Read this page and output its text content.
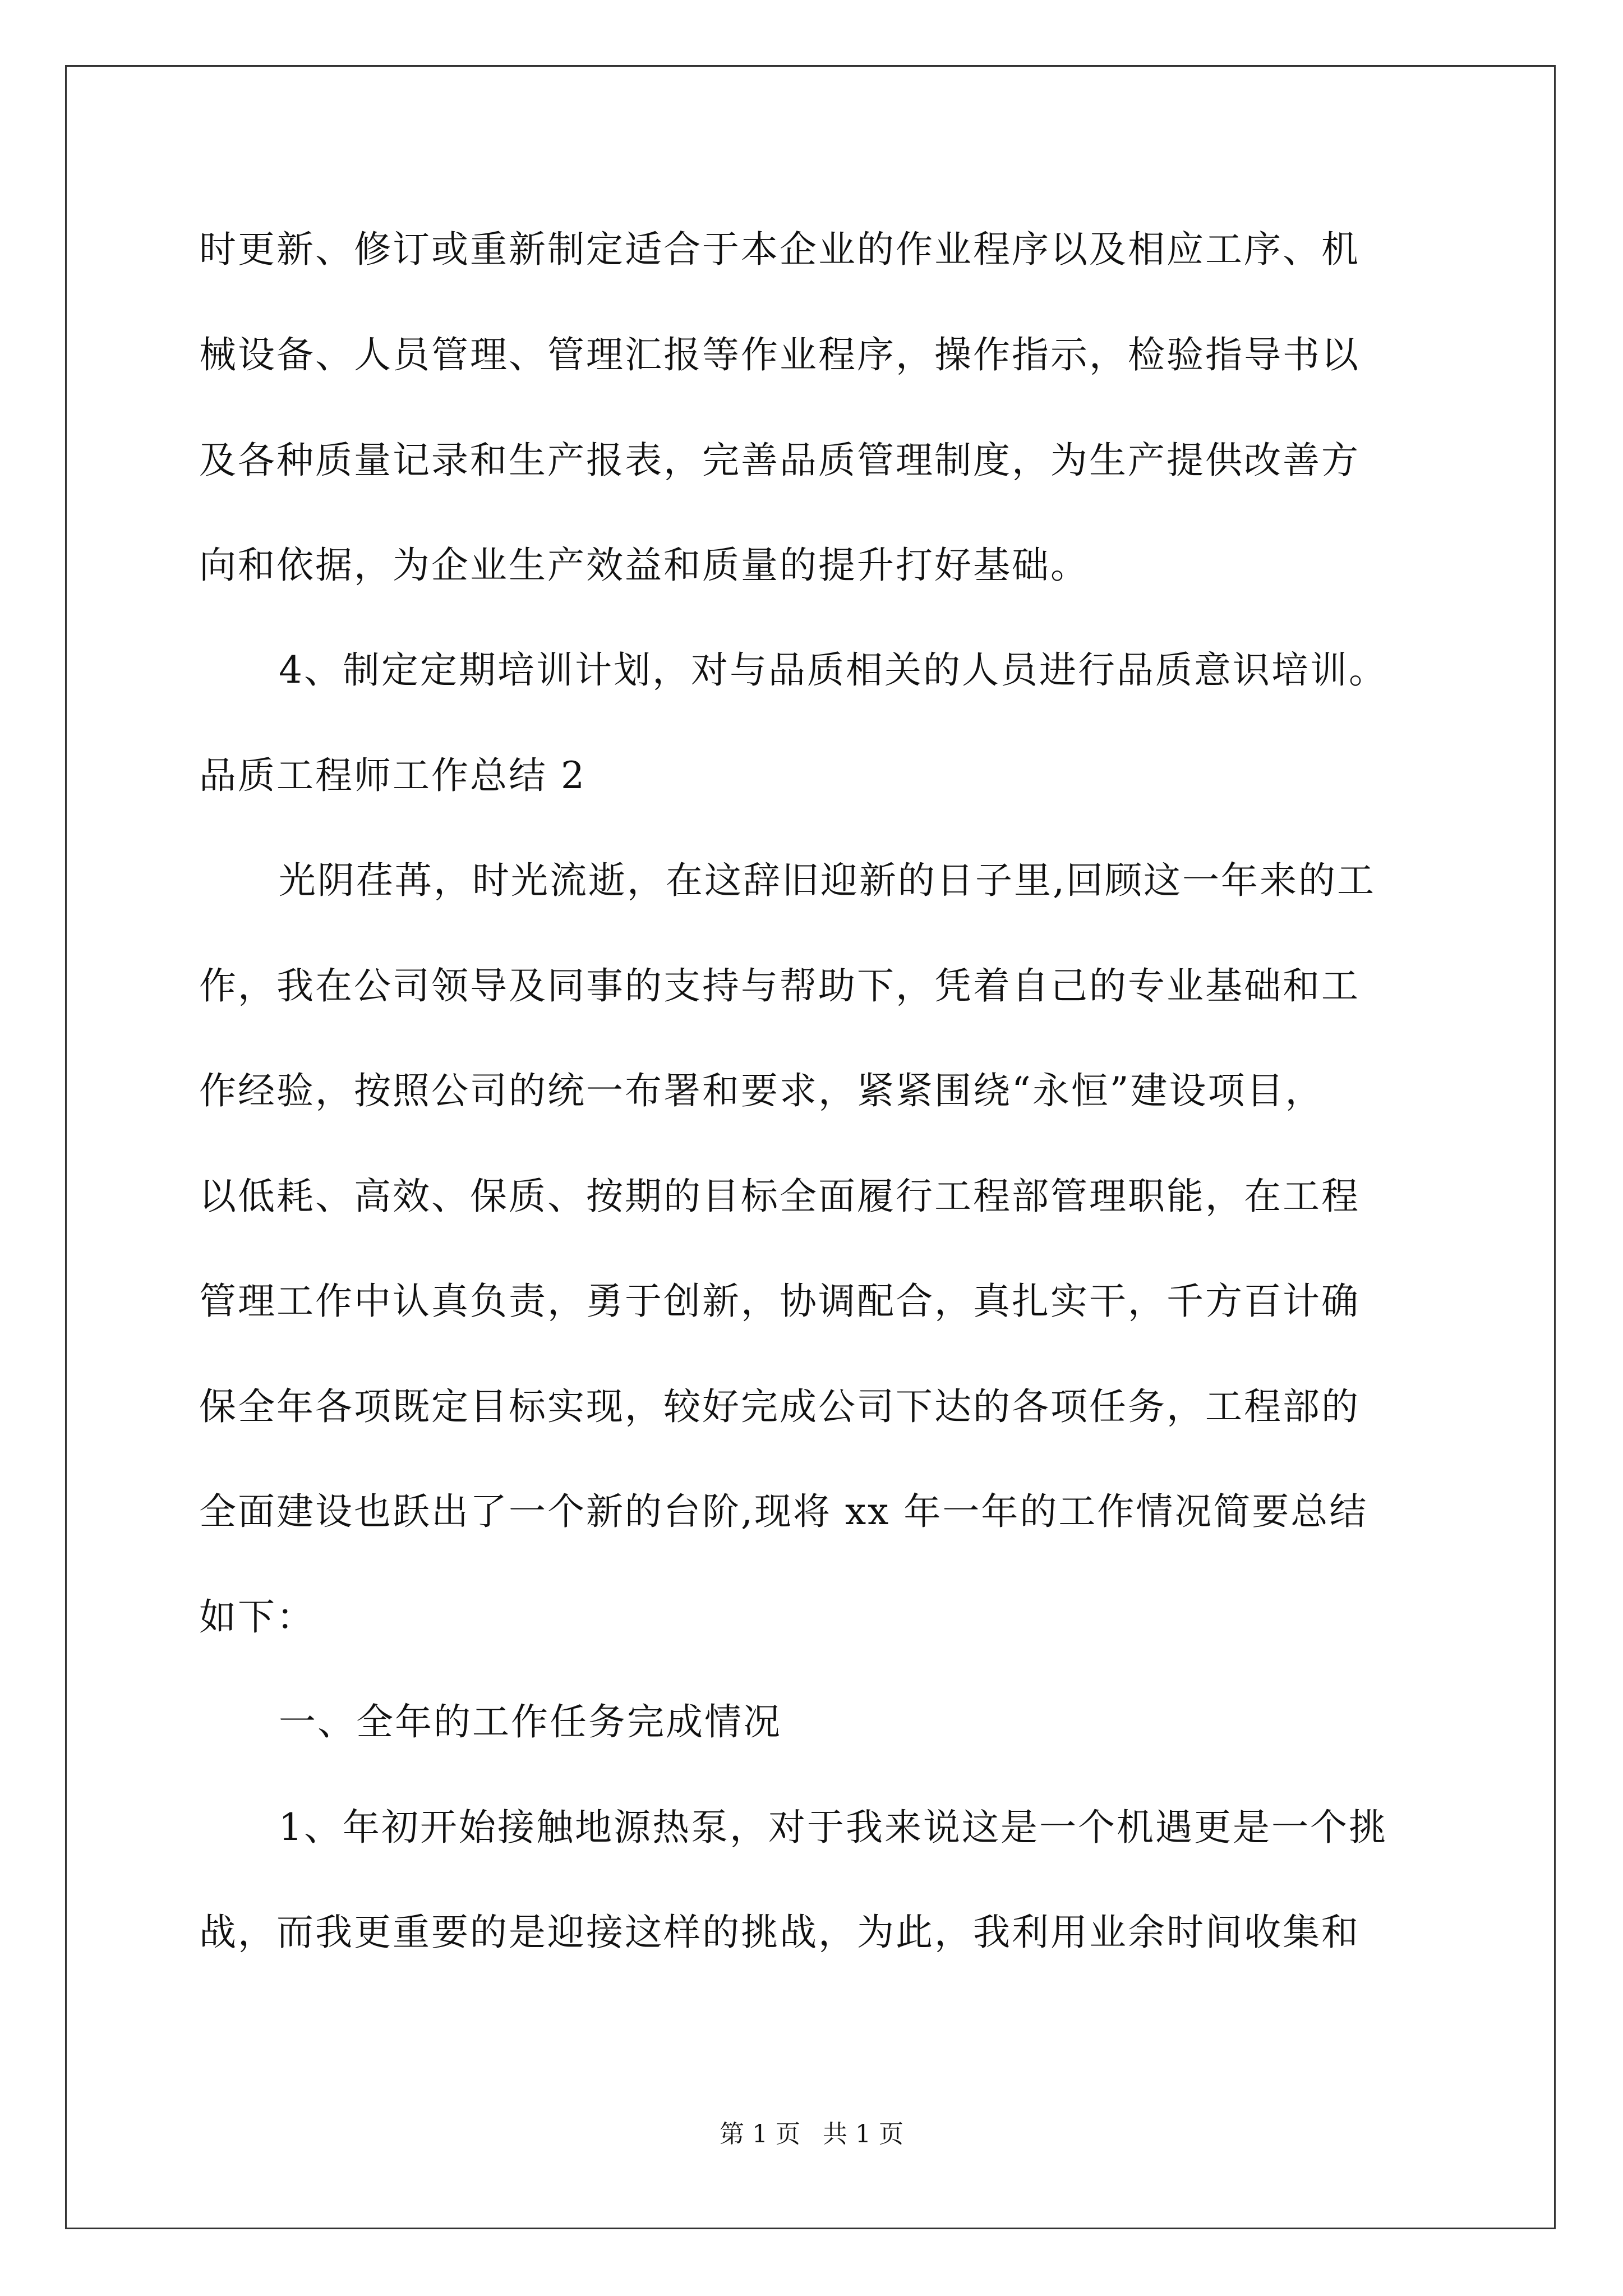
时更新、修订或重新制定适合于本企业的作业程序以及相应工序、机
械设备、人员管理、管理汇报等作业程序，操作指示，检验指导书以
及各种质量记录和生产报表，完善品质管理制度，为生产提供改善方
向和依据，为企业生产效益和质量的提升打好基础。
4、制定定期培训计划，对与品质相关的人员进行品质意识培训。
品质工程师工作总结 2
光阴荏苒，时光流逝，在这辞旧迎新的日子里,回顾这一年来的工
作，我在公司领导及同事的支持与帮助下，凭着自己的专业基础和工
作经验，按照公司的统一布署和要求，紧紧围绕“永恒”建设项目，
以低耗、高效、保质、按期的目标全面履行工程部管理职能，在工程
管理工作中认真负责，勇于创新，协调配合，真扎实干，千方百计确
保全年各项既定目标实现，较好完成公司下达的各项任务，工程部的
全面建设也跃出了一个新的台阶,现将 xx 年一年的工作情况简要总结
如下：
一、全年的工作任务完成情况
1、年初开始接触地源热泵，对于我来说这是一个机遇更是一个挑
战，而我更重要的是迎接这样的挑战，为此，我利用业余时间收集和
第 1 页 共 1 页
